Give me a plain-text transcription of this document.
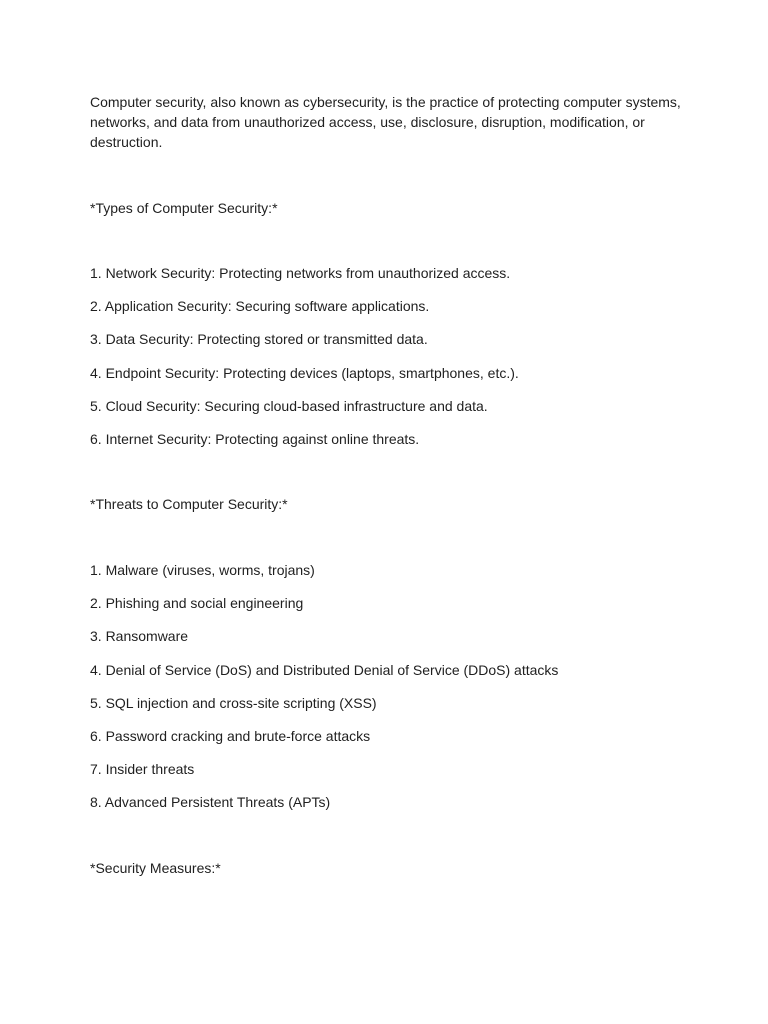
Computer security, also known as cybersecurity, is the practice of protecting computer systems, networks, and data from unauthorized access, use, disclosure, disruption, modification, or destruction.

*Types of Computer Security:*

1. Network Security: Protecting networks from unauthorized access.
2. Application Security: Securing software applications.
3. Data Security: Protecting stored or transmitted data.
4. Endpoint Security: Protecting devices (laptops, smartphones, etc.).
5. Cloud Security: Securing cloud-based infrastructure and data.
6. Internet Security: Protecting against online threats.

*Threats to Computer Security:*

1. Malware (viruses, worms, trojans)
2. Phishing and social engineering
3. Ransomware
4. Denial of Service (DoS) and Distributed Denial of Service (DDoS) attacks
5. SQL injection and cross-site scripting (XSS)
6. Password cracking and brute-force attacks
7. Insider threats
8. Advanced Persistent Threats (APTs)

*Security Measures:*
